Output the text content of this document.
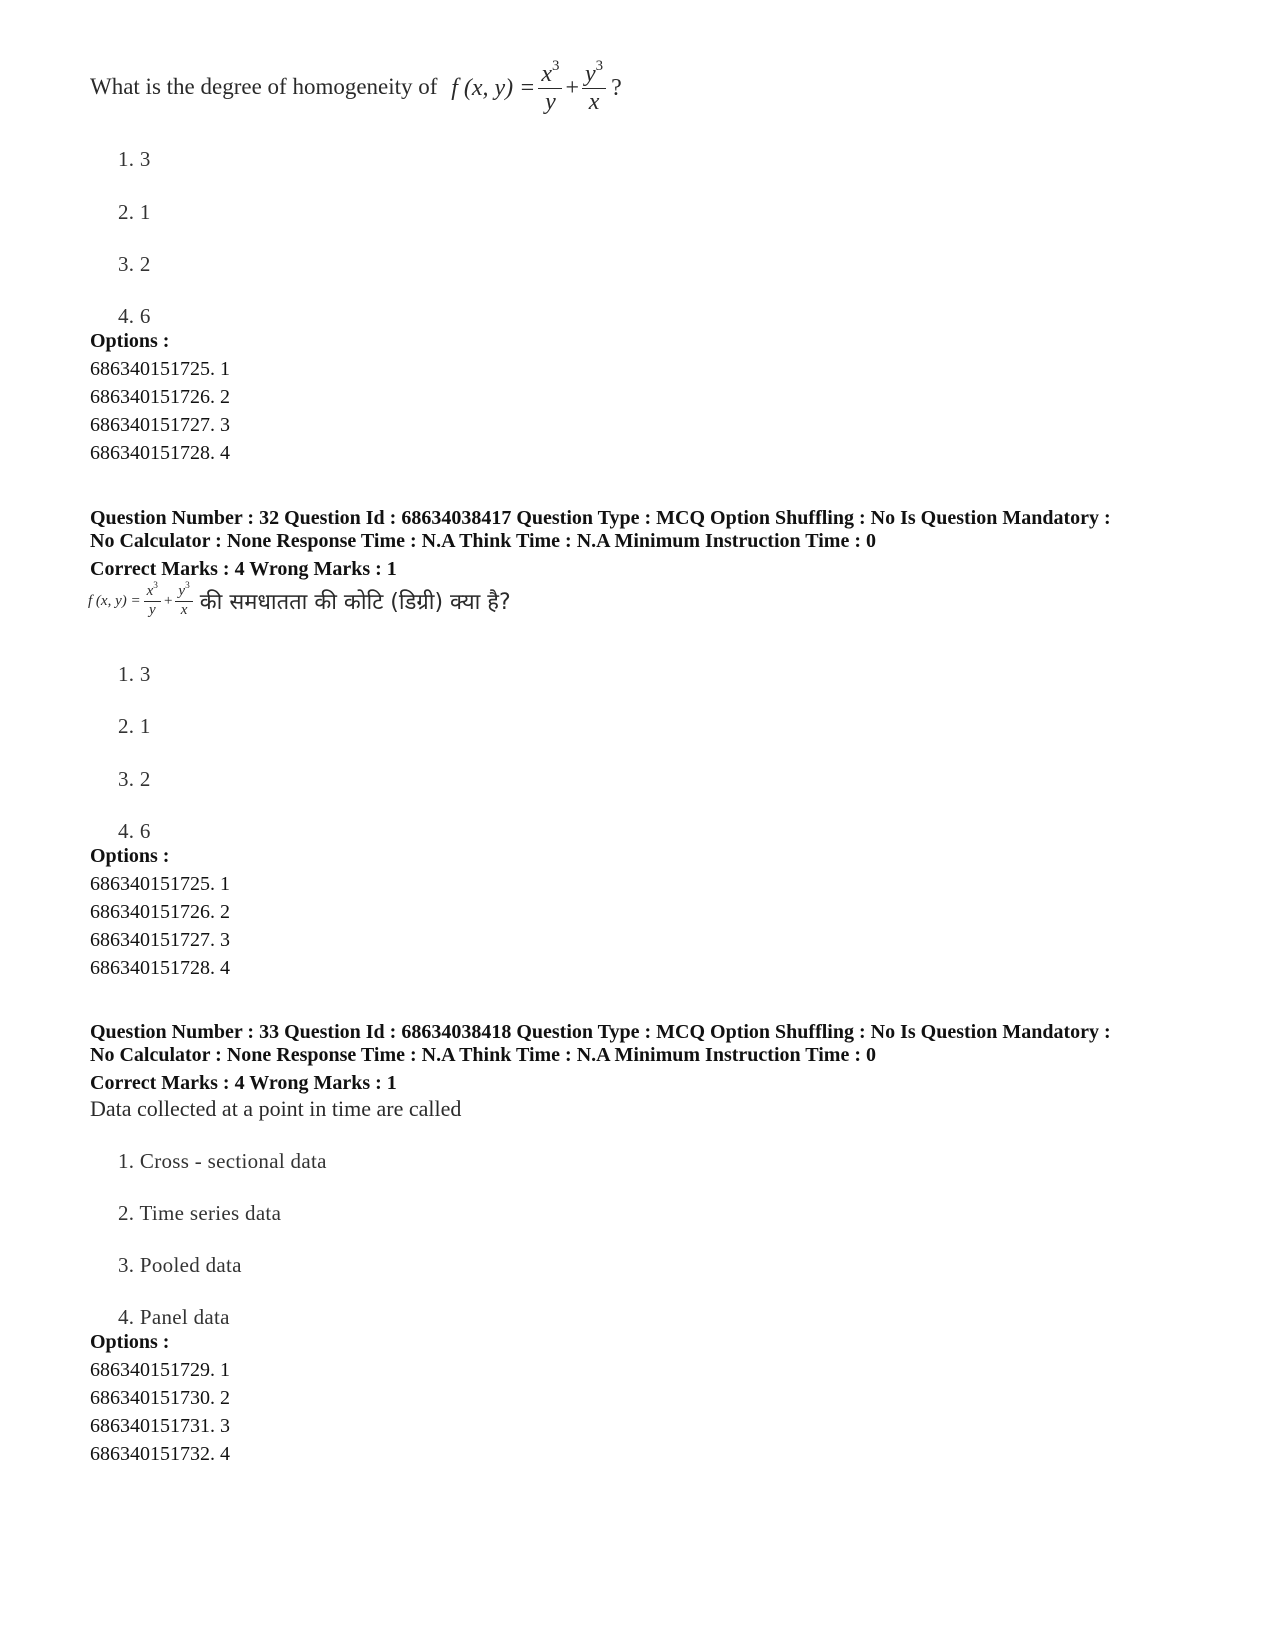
What is the degree of homogeneity of f (x, $y) = \frac{x^3}{y} + \frac{y^3}{x}$ ?
1. 3
2. 1
3. 2
4. 6
Options :
686340151725. 1
686340151726. 2
686340151727. 3
686340151728. 4
Question Number : 32 Question Id : 68634038417 Question Type : MCQ Option Shuffling : No Is Question Mandatory :
No Calculator : None Response Time : N.A Think Time : N.A Minimum Instruction Time : 0
Correct Marks : 4 Wrong Marks : 1
f (x, $y) = \frac{x^3}{y} + \frac{y^3}{x}$ की समधातता की कोटि (डिग्री) क्या है?
1. 3
2. 1
3. 2
4. 6
Options :
686340151725. 1
686340151726. 2
686340151727. 3
686340151728. 4
Question Number : 33 Question Id : 68634038418 Question Type : MCQ Option Shuffling : No Is Question Mandatory :
No Calculator : None Response Time : N.A Think Time : N.A Minimum Instruction Time : 0
Correct Marks : 4 Wrong Marks : 1
Data collected at a point in time are called
1. Cross - sectional data
2. Time series data
3. Pooled data
4. Panel data
Options :
686340151729. 1
686340151730. 2
686340151731. 3
686340151732. 4
